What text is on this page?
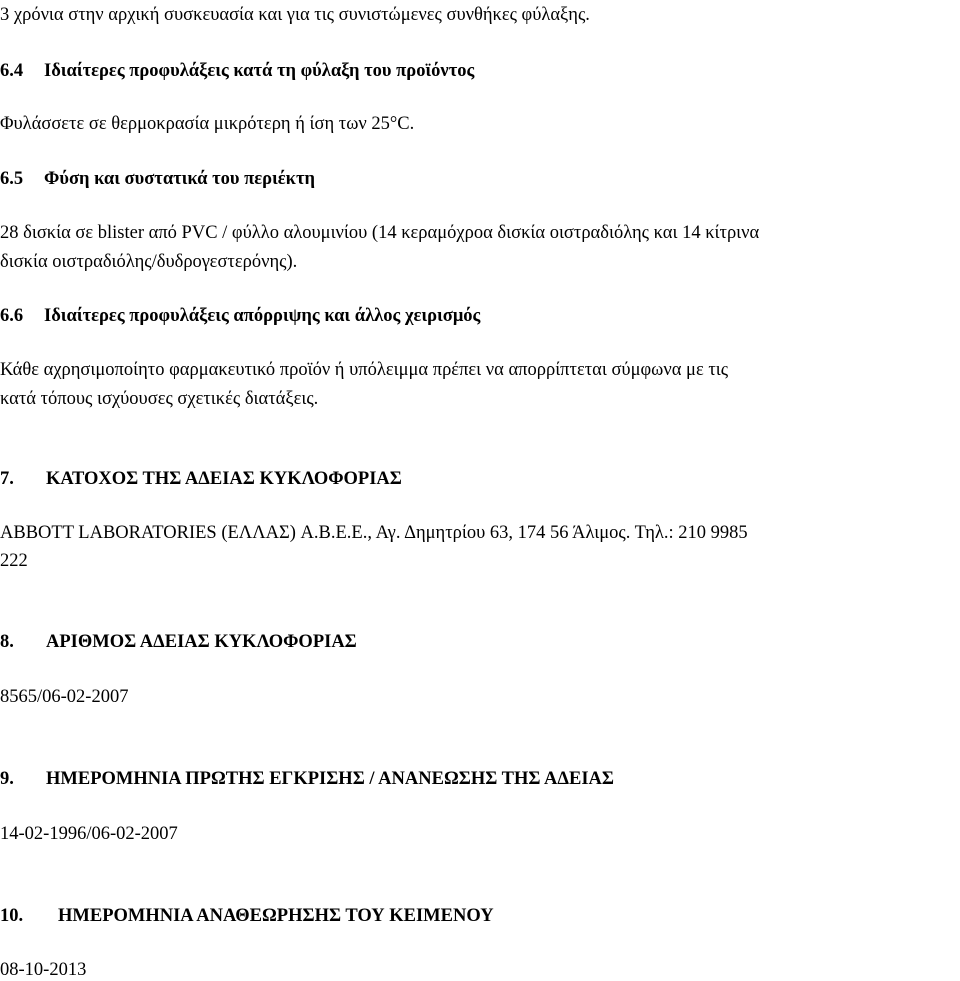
3 χρόνια στην αρχική συσκευασία και για τις συνιστώμενες συνθήκες φύλαξης.
6.4 Ιδιαίτερες προφυλάξεις κατά τη φύλαξη του προϊόντος
Φυλάσσετε σε θερμοκρασία μικρότερη ή ίση των 25°C.
6.5 Φύση και συστατικά του περιέκτη
28 δισκία σε blister από PVC / φύλλο αλουμινίου (14 κεραμόχροα δισκία οιστραδιόλης και 14 κίτρινα
δισκία οιστραδιόλης/δυδρογεστερόνης).
6.6 Ιδιαίτερες προφυλάξεις απόρριψης και άλλος χειρισμός
Κάθε αχρησιμοποίητο φαρμακευτικό προϊόν ή υπόλειμμα πρέπει να απορρίπτεται σύμφωνα με τις
κατά τόπους ισχύουσες σχετικές διατάξεις.
7. ΚΑΤΟΧΟΣ ΤΗΣ ΑΔΕΙΑΣ ΚΥΚΛΟΦΟΡΙΑΣ
ABBOTT LABORATORIES (ΕΛΛΑΣ) Α.Β.Ε.Ε., Αγ. Δημητρίου 63, 174 56 Άλιμος. Τηλ.: 210 9985
222
8. ΑΡΙΘΜΟΣ ΑΔΕΙΑΣ ΚΥΚΛΟΦΟΡΙΑΣ
8565/06-02-2007
9. ΗΜΕΡΟΜΗΝΙΑ ΠΡΩΤΗΣ ΕΓΚΡΙΣΗΣ / ΑΝΑΝΕΩΣΗΣ ΤΗΣ ΑΔΕΙΑΣ
14-02-1996/06-02-2007
10. ΗΜΕΡΟΜΗΝΙΑ ΑΝΑΘΕΩΡΗΣΗΣ ΤΟΥ ΚΕΙΜΕΝΟΥ
08-10-2013
